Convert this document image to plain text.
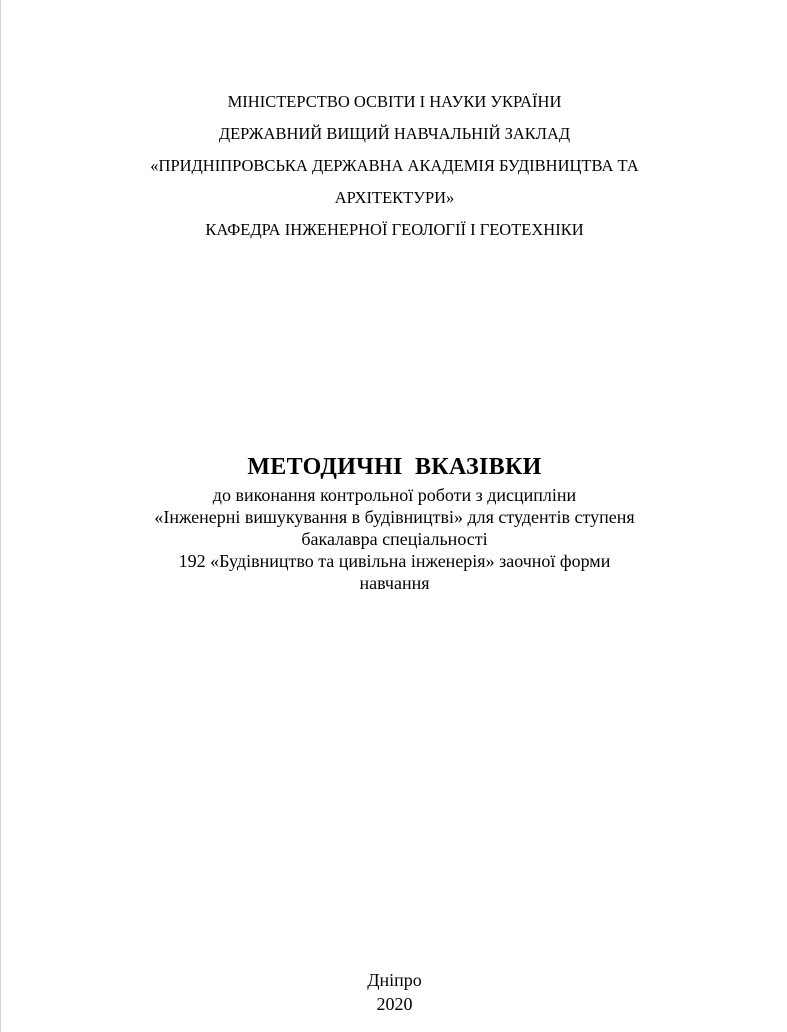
МІНІСТЕРСТВО ОСВІТИ І НАУКИ УКРАЇНИ
ДЕРЖАВНИЙ ВИЩИЙ НАВЧАЛЬНІЙ ЗАКЛАД
«ПРИДНІПРОВСЬКА ДЕРЖАВНА АКАДЕМІЯ БУДІВНИЦТВА ТА
АРХІТЕКТУРИ»
КАФЕДРА ІНЖЕНЕРНОЇ ГЕОЛОГІЇ І ГЕОТЕХНІКИ
МЕТОДИЧНІ ВКАЗІВКИ
до виконання контрольної роботи з дисципліни
«Інженерні вишукування в будівництві» для студентів ступеня
бакалавра спеціальності
192 «Будівництво та цивільна інженерія» заочної форми
навчання
Дніпро
2020
